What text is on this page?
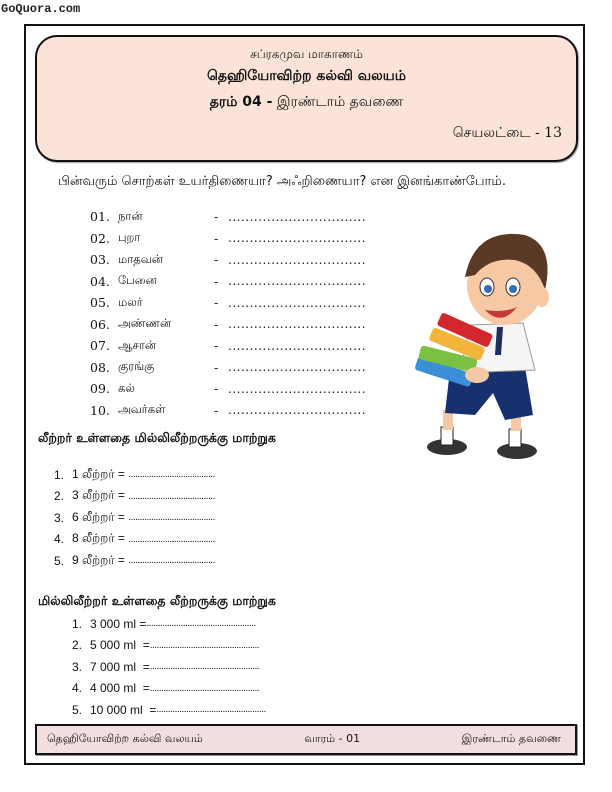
GoQuora.com
சப்ரகமுவ மாகாணம்
தெஹியோவிற்ற கல்வி வலயம்
தரம் 04 - இரண்டாம் தவணை
செயலட்டை - 13
பின்வரும் சொற்கள் உயர்திணையா? அஃறிணையா? என இனங்காண்போம்.
01. நான்	- ................................
02. புறா	- ................................
03. மாதவன்	- ................................
04. பேனை	- ................................
05. மலர்	- ................................
06. அண்ணன்	- ................................
07. ஆசான்	- ................................
08. குரங்கு	- ................................
09. கல்	- ................................
10. அவர்கள்	- ................................
லீற்றர் உள்ளதை மில்லிலீற்றருக்கு மாற்றுக
1. 1 லீற்றர் = ......................................
2. 3 லீற்றர் = ......................................
3. 6 லீற்றர் = ......................................
4. 8 லீற்றர் = ......................................
5. 9 லீற்றர் = ......................................
மில்லிலீற்றர் உள்ளதை லீற்றருக்கு மாற்றுக
1. 3 000 ml = ................................................
2. 5 000 ml  = ................................................
3. 7 000 ml  = ................................................
4. 4 000 ml  = ................................................
5. 10 000 ml  = ................................................
தெஹியோவிற்ற கல்வி வலயம்	வாரம் - 01	இரண்டாம் தவணை
